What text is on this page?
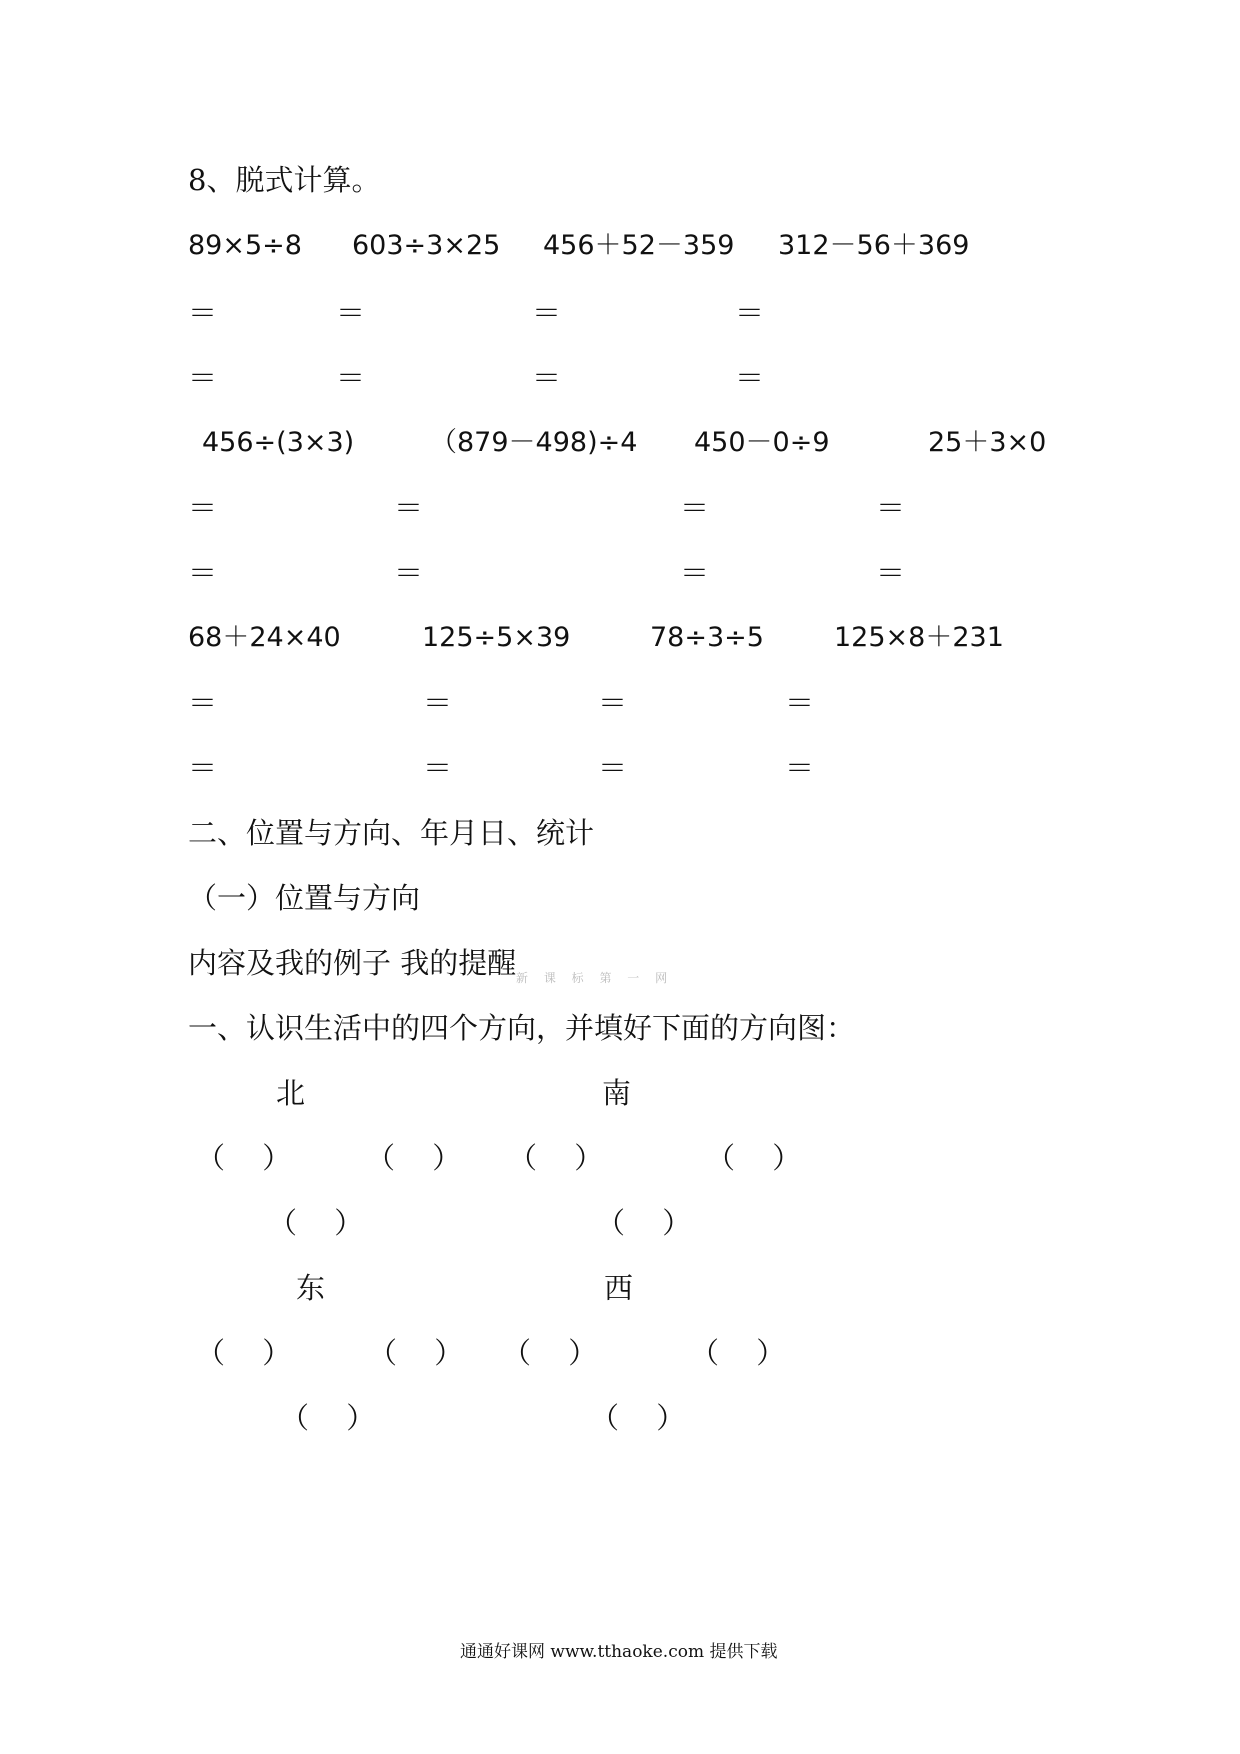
8、脱式计算。
89×5÷8 603÷3×25 456＋52－359 312－56＋369
＝	＝	＝	＝
＝	＝	＝	＝
456÷(3×3)	（879－498)÷4 450－0÷9	25＋3×0
＝	＝	＝	＝
＝	＝	＝	＝
68＋24×40	125÷5×39	78÷3÷5	125×8＋231
＝	＝	＝	＝
＝	＝	＝	＝
二、位置与方向、年月日、统计
（一）位置与方向
内容及我的例子 我的提醒 新 课 标 第 一 网
一、认识生活中的四个方向，并填好下面的方向图：
北	南
（ ） （ ） （ ）	（ ）
（ ）	（ ）
东	西
（ ） （ ） （ ）	（ ）
（ ）	（ ）
通通好课网 www.tthaoke.com 提供下载
